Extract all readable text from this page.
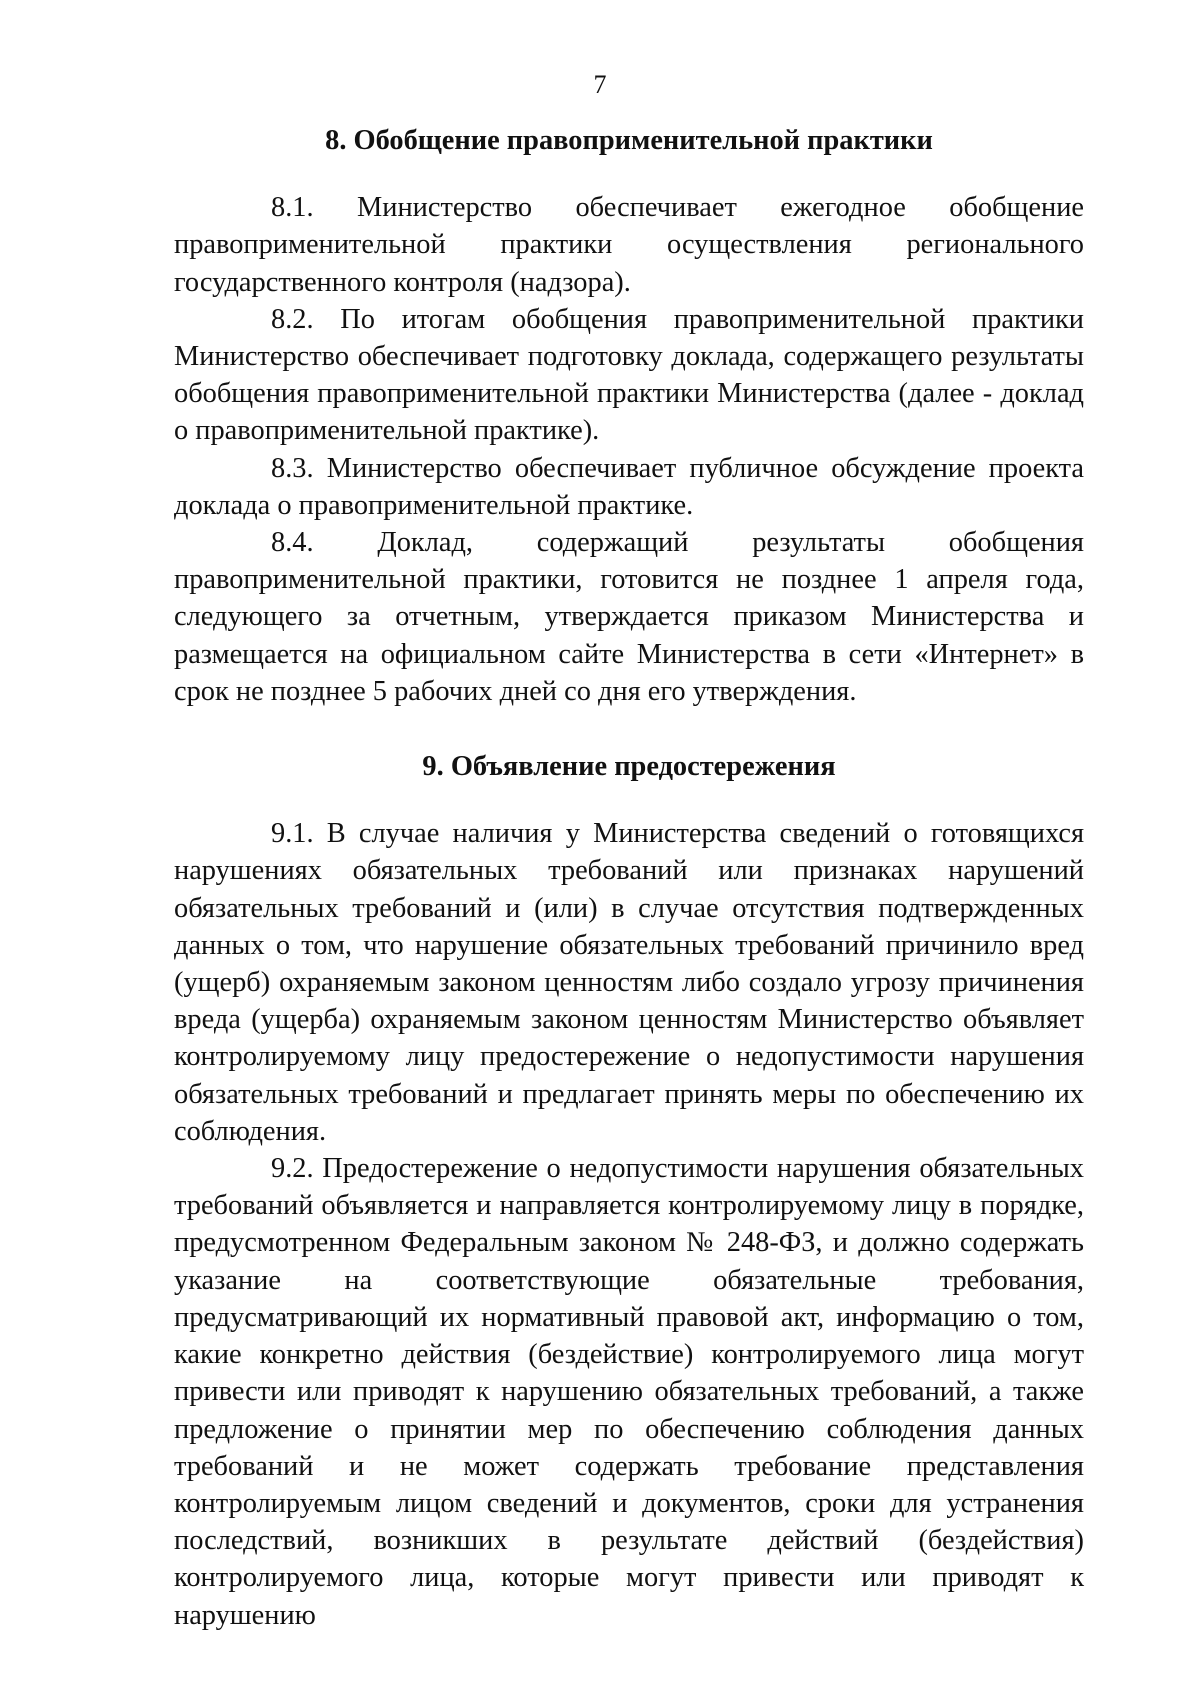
7
8. Обобщение правоприменительной практики

8.1. Министерство обеспечивает ежегодное обобщение правоприменительной практики осуществления регионального государственного контроля (надзора).

8.2. По итогам обобщения правоприменительной практики Министерство обеспечивает подготовку доклада, содержащего результаты обобщения правоприменительной практики Министерства (далее - доклад о правоприменительной практике).

8.3. Министерство обеспечивает публичное обсуждение проекта доклада о правоприменительной практике.

8.4. Доклад, содержащий результаты обобщения правоприменительной практики, готовится не позднее 1 апреля года, следующего за отчетным, утверждается приказом Министерства и размещается на официальном сайте Министерства в сети «Интернет» в срок не позднее 5 рабочих дней со дня его утверждения.

9. Объявление предостережения

9.1. В случае наличия у Министерства сведений о готовящихся нарушениях обязательных требований или признаках нарушений обязательных требований и (или) в случае отсутствия подтвержденных данных о том, что нарушение обязательных требований причинило вред (ущерб) охраняемым законом ценностям либо создало угрозу причинения вреда (ущерба) охраняемым законом ценностям Министерство объявляет контролируемому лицу предостережение о недопустимости нарушения обязательных требований и предлагает принять меры по обеспечению их соблюдения.

9.2. Предостережение о недопустимости нарушения обязательных требований объявляется и направляется контролируемому лицу в порядке, предусмотренном Федеральным законом № 248-ФЗ, и должно содержать указание на соответствующие обязательные требования, предусматривающий их нормативный правовой акт, информацию о том, какие конкретно действия (бездействие) контролируемого лица могут привести или приводят к нарушению обязательных требований, а также предложение о принятии мер по обеспечению соблюдения данных требований и не может содержать требование представления контролируемым лицом сведений и документов, сроки для устранения последствий, возникших в результате действий (бездействия) контролируемого лица, которые могут привести или приводят к нарушению
